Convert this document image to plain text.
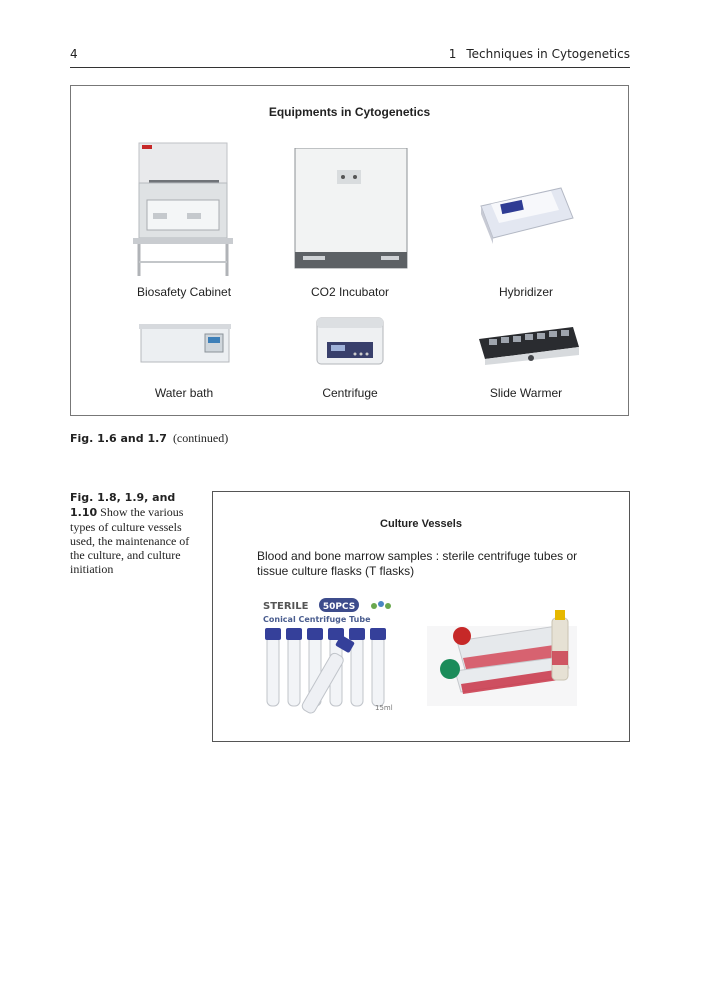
4	1 Techniques in Cytogenetics
Equipments in Cytogenetics
Biosafety Cabinet	CO2 Incubator	Hybridizer
Water bath	Centrifuge	Slide Warmer
Fig. 1.6 and 1.7 (continued)
Fig. 1.8, 1.9, and 1.10 Show the various types of culture vessels used, the maintenance of the culture, and culture initiation
Culture Vessels
Blood and bone marrow samples : sterile centrifuge tubes or tissue culture flasks (T flasks)
STERILE 50PCS
Conical Centrifuge Tube
15ml
